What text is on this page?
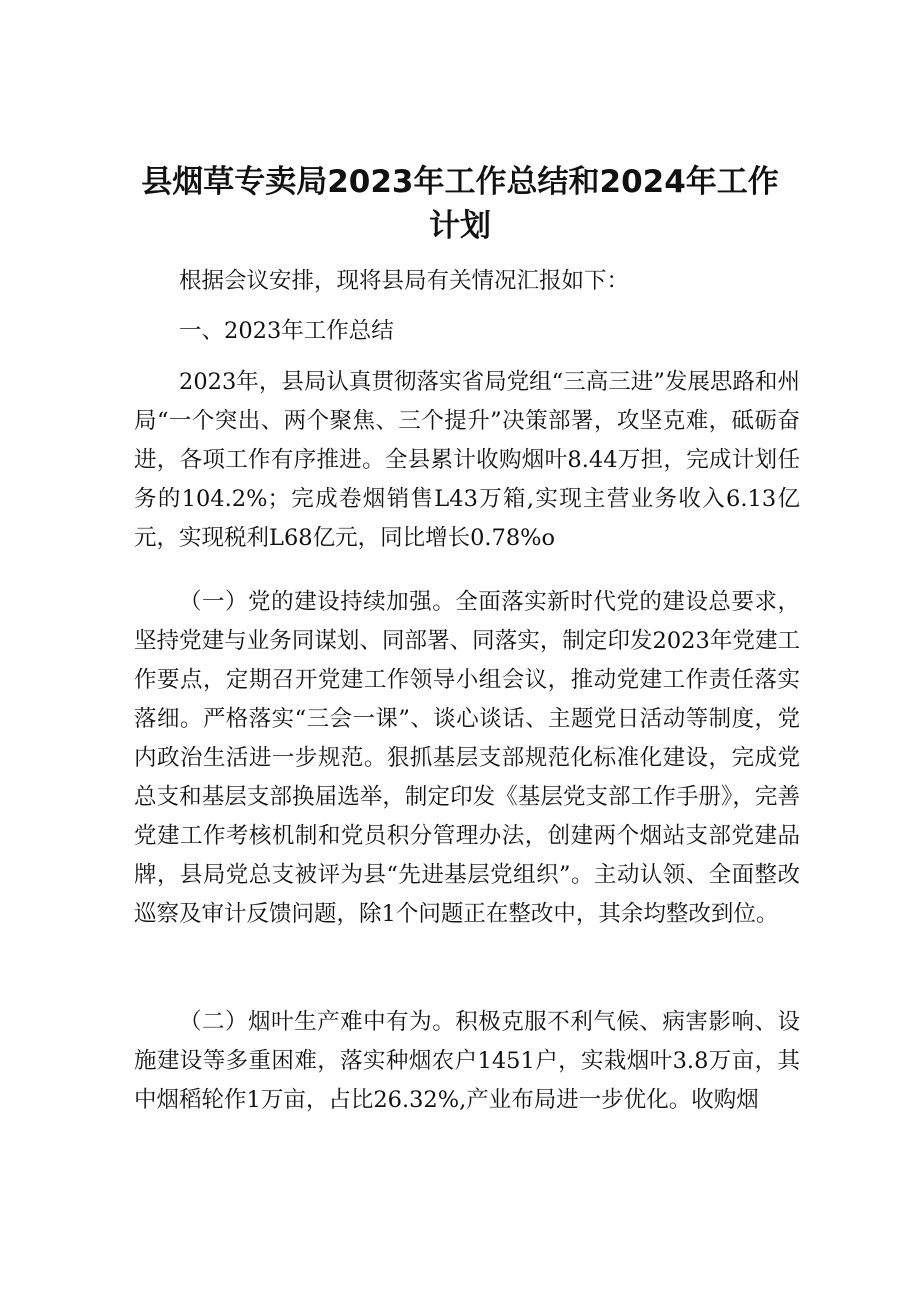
县烟草专卖局2023年工作总结和2024年工作计划

根据会议安排，现将县局有关情况汇报如下：

一、2023年工作总结

2023年，县局认真贯彻落实省局党组“三高三进”发展思路和州局“一个突出、两个聚焦、三个提升”决策部署，攻坚克难，砥砺奋进，各项工作有序推进。全县累计收购烟叶8.44万担，完成计划任务的104.2%；完成卷烟销售L43万箱,实现主营业务收入6.13亿元，实现税利L68亿元，同比增长0.78%o

（一）党的建设持续加强。全面落实新时代党的建设总要求，坚持党建与业务同谋划、同部署、同落实，制定印发2023年党建工作要点，定期召开党建工作领导小组会议，推动党建工作责任落实落细。严格落实“三会一课”、谈心谈话、主题党日活动等制度，党内政治生活进一步规范。狠抓基层支部规范化标准化建设，完成党总支和基层支部换届选举，制定印发《基层党支部工作手册》，完善党建工作考核机制和党员积分管理办法，创建两个烟站支部党建品牌，县局党总支被评为县“先进基层党组织”。主动认领、全面整改巡察及审计反馈问题，除1个问题正在整改中，其余均整改到位。

（二）烟叶生产难中有为。积极克服不利气候、病害影响、设施建设等多重困难，落实种烟农户1451户，实栽烟叶3.8万亩，其中烟稻轮作1万亩，占比26.32%,产业布局进一步优化。收购烟
